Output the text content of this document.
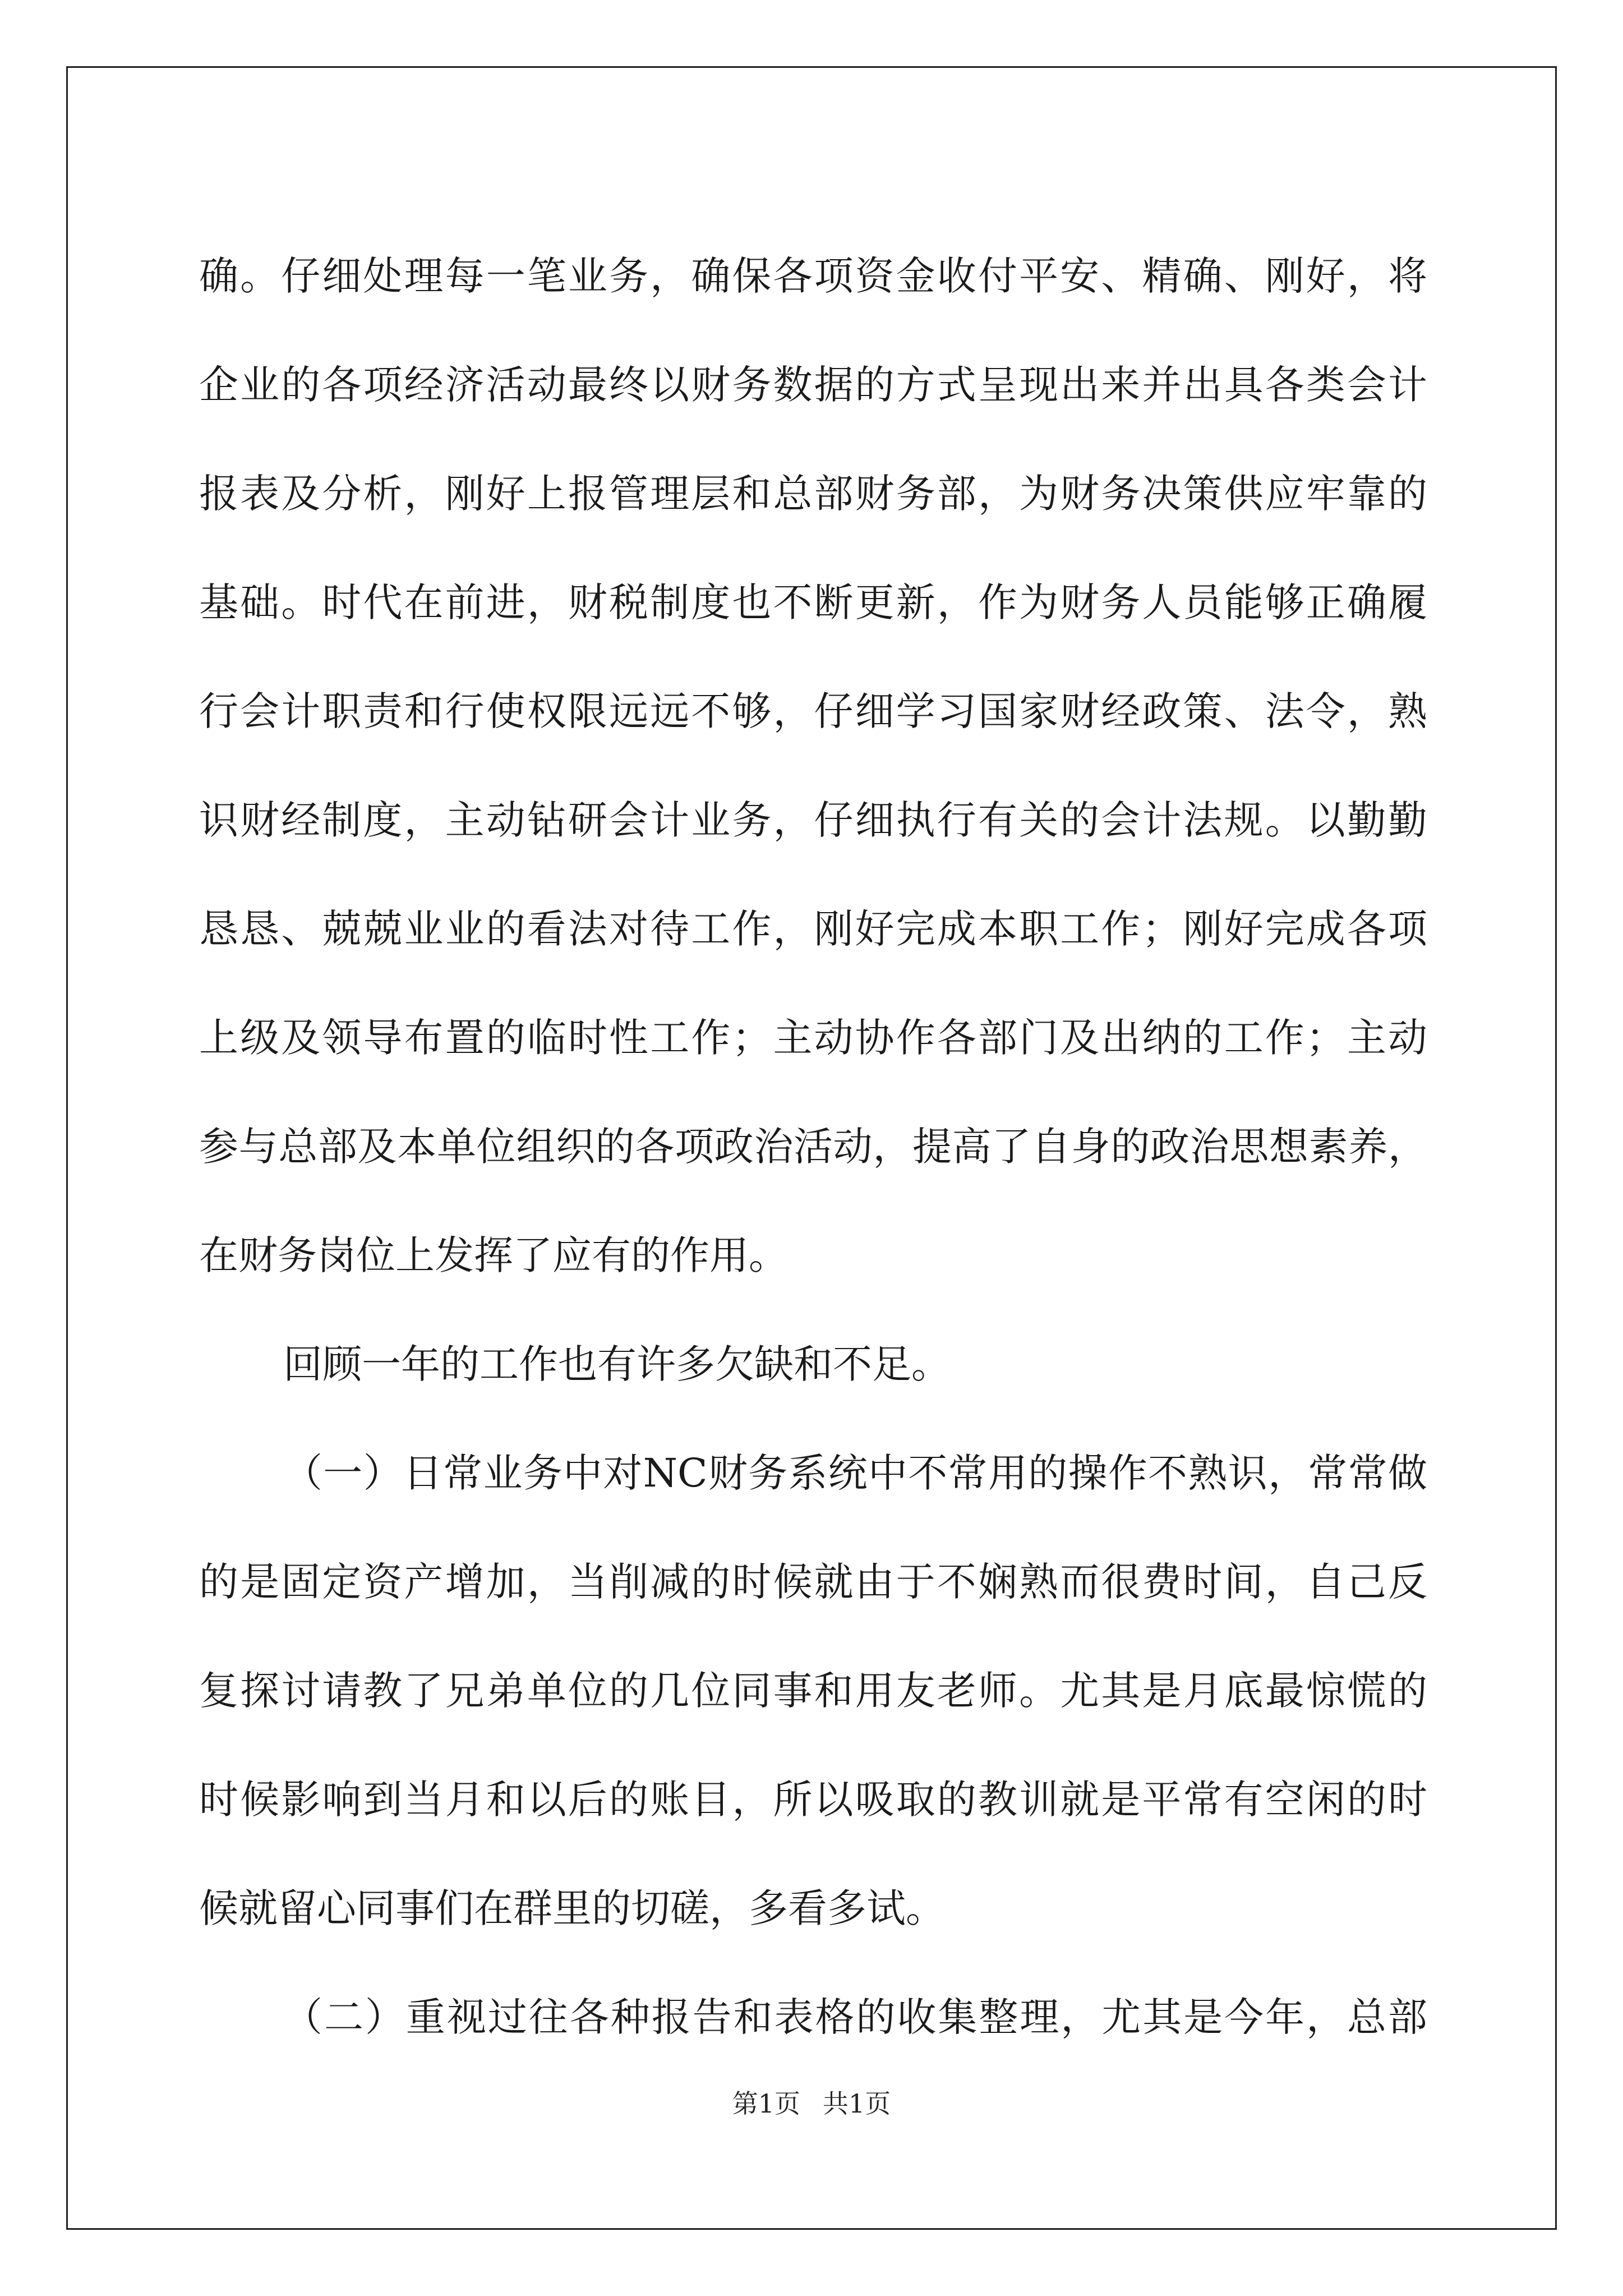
确。仔细处理每一笔业务，确保各项资金收付平安、精确、刚好，将
企业的各项经济活动最终以财务数据的方式呈现出来并出具各类会计
报表及分析，刚好上报管理层和总部财务部，为财务决策供应牢靠的
基础。时代在前进，财税制度也不断更新，作为财务人员能够正确履
行会计职责和行使权限远远不够，仔细学习国家财经政策、法令，熟
识财经制度，主动钻研会计业务，仔细执行有关的会计法规。以勤勤
恳恳、兢兢业业的看法对待工作，刚好完成本职工作；刚好完成各项
上级及领导布置的临时性工作；主动协作各部门及出纳的工作；主动
参与总部及本单位组织的各项政治活动，提高了自身的政治思想素养，
在财务岗位上发挥了应有的作用。
回顾一年的工作也有许多欠缺和不足。
（一）日常业务中对NC财务系统中不常用的操作不熟识，常常做
的是固定资产增加，当削减的时候就由于不娴熟而很费时间，自己反
复探讨请教了兄弟单位的几位同事和用友老师。尤其是月底最惊慌的
时候影响到当月和以后的账目，所以吸取的教训就是平常有空闲的时
候就留心同事们在群里的切磋，多看多试。
（二）重视过往各种报告和表格的收集整理，尤其是今年，总部
第1页 共1页
